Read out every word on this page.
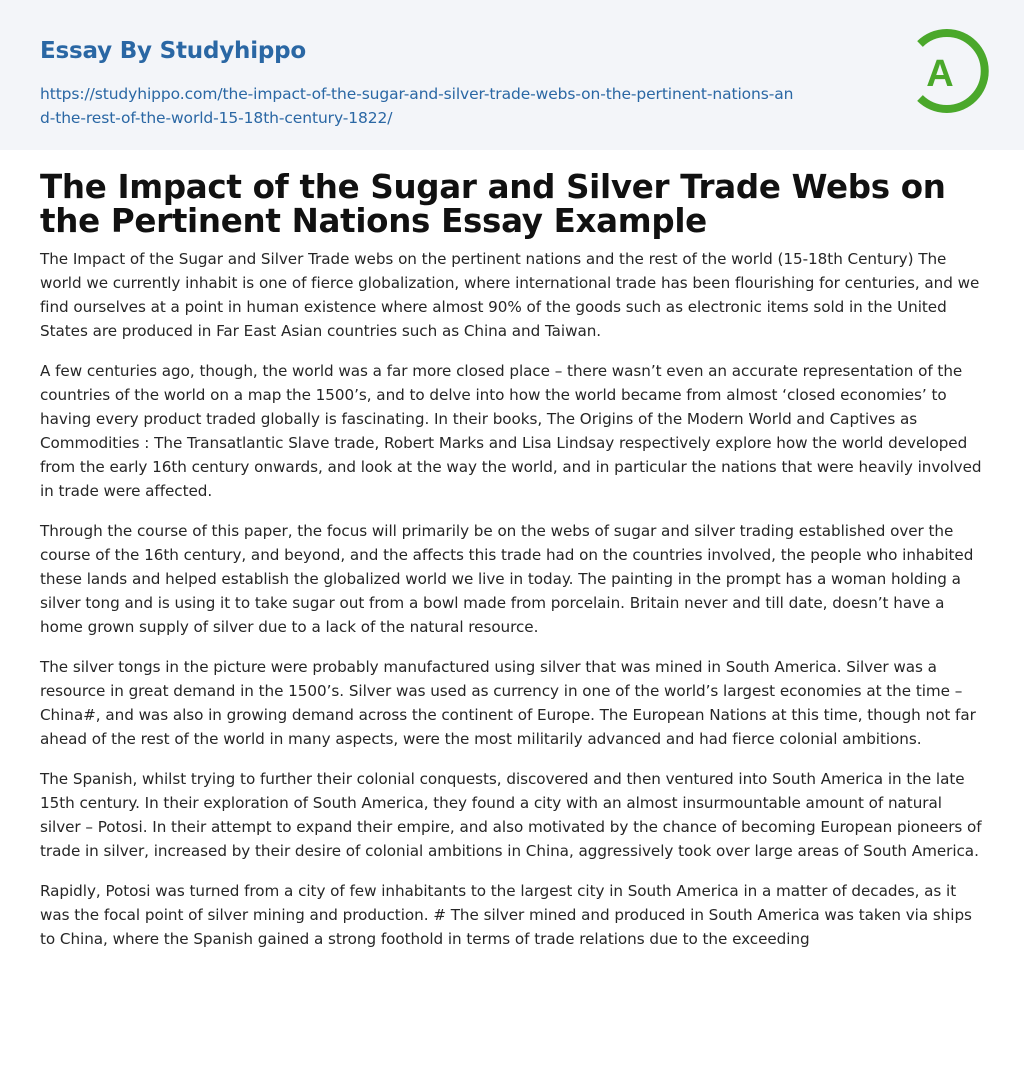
Essay By Studyhippo
https://studyhippo.com/the-impact-of-the-sugar-and-silver-trade-webs-on-the-pertinent-nations-and-the-rest-of-the-world-15-18th-century-1822/
A
The Impact of the Sugar and Silver Trade Webs on the Pertinent Nations Essay Example

The Impact of the Sugar and Silver Trade webs on the pertinent nations and the rest of the world (15-18th Century) The world we currently inhabit is one of fierce globalization, where international trade has been flourishing for centuries, and we find ourselves at a point in human existence where almost 90% of the goods such as electronic items sold in the United States are produced in Far East Asian countries such as China and Taiwan.

A few centuries ago, though, the world was a far more closed place – there wasn’t even an accurate representation of the countries of the world on a map the 1500’s, and to delve into how the world became from almost ‘closed economies’ to having every product traded globally is fascinating. In their books, The Origins of the Modern World and Captives as Commodities : The Transatlantic Slave trade, Robert Marks and Lisa Lindsay respectively explore how the world developed from the early 16th century onwards, and look at the way the world, and in particular the nations that were heavily involved in trade were affected.

Through the course of this paper, the focus will primarily be on the webs of sugar and silver trading established over the course of the 16th century, and beyond, and the affects this trade had on the countries involved, the people who inhabited these lands and helped establish the globalized world we live in today. The painting in the prompt has a woman holding a silver tong and is using it to take sugar out from a bowl made from porcelain. Britain never and till date, doesn’t have a home grown supply of silver due to a lack of the natural resource.

The silver tongs in the picture were probably manufactured using silver that was mined in South America. Silver was a resource in great demand in the 1500’s. Silver was used as currency in one of the world’s largest economies at the time – China#, and was also in growing demand across the continent of Europe. The European Nations at this time, though not far ahead of the rest of the world in many aspects, were the most militarily advanced and had fierce colonial ambitions.

The Spanish, whilst trying to further their colonial conquests, discovered and then ventured into South America in the late 15th century. In their exploration of South America, they found a city with an almost insurmountable amount of natural silver – Potosi. In their attempt to expand their empire, and also motivated by the chance of becoming European pioneers of trade in silver, increased by their desire of colonial ambitions in China, aggressively took over large areas of South America.

Rapidly, Potosi was turned from a city of few inhabitants to the largest city in South America in a matter of decades, as it was the focal point of silver mining and production. # The silver mined and produced in South America was taken via ships to China, where the Spanish gained a strong foothold in terms of trade relations due to the exceeding
